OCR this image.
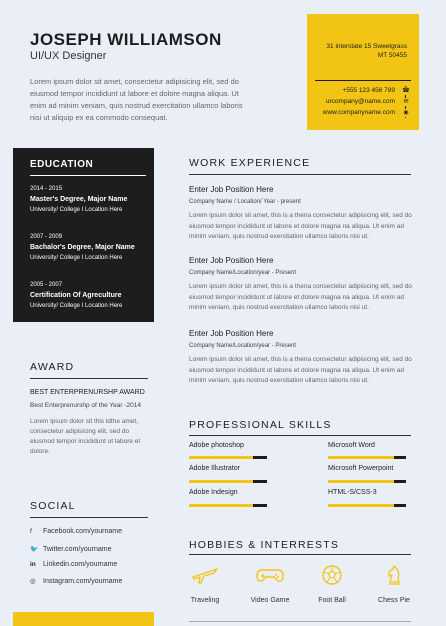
JOSEPH WILLIAMSON
UI/UX Designer
Lorem ipsum dolor sit amet, consectetur adipisicing elit, sed do eiusmod tempor incididunt ut labore et dolore magna aliqua. Ut enim ad minim veniam, quis nostrud exercitation ullamco laboris nisi ut aliquip ex ea commodo consequat.
31 interstate 15 Sweetgrass
MT 50455
+555 123 456 789 ☎
urcompany@name.com ✉
www.companyname.com ◉
EDUCATION
2014 - 2015
Master's Degree, Major Name
University/ College I Location Here
2007 - 2009
Bachalor's Degree, Major Name
University/ College I Location Here
2005 - 2007
Certification Of Agreculture
University/ College I Location Here
WORK EXPERIENCE
Enter Job Position Here
Company Name / Location/ Year - present
Lorem ipsum dolor sit amet, this is a thena consectetur adipisicing elit, sed do eiusmod tempor incididunt ut labore et dolore magna na aliqua. Ut enim ad minim veniam, quis nostrud exercitation ullamco laboris nisi ut.
Enter Job Position Here
Company Name/Location/year - Present
Lorem ipsum dolor sit amet, this is a thena consectetur adipisicing elit, sed do eiusmod tempor incididunt ut labore et dolore magna na aliqua. Ut enim ad minim veniam, quis nostrud exercitation ullamco laboris nisi ut.
Enter Job Position Here
Company Name/Location/year - Present
Lorem ipsum dolor sit amet, this is a thena consectetur adipisicing elit, sed do eiusmod tempor incididunt ut labore et dolore magna na aliqua. Ut enim ad minim veniam, quis nostrud exercitation ullamco laboris nisi ut.
AWARD
BEST ENTERPRENURSHP AWARD
Best Enterprenurshp of the Year -2014
Lorem ipsum dolor sit this ldthe amet, consectetur adipisicing elit, sed do eiusmod tempor incididunt ut labore et dolore.
PROFESSIONAL SKILLS
Adobe photoshop	Microsoft Word
Adobe Illustrator	Microsoft Powerpoint
Adobe Indesign	HTML-S/CSS-3
SOCIAL
f Facebook.com/yourname
🐦 Twitter.com/yourname
in Linkedin.com/yourname
◎ Instagram.com/yourname
HOBBIES & INTERRESTS
Traveling	Video Game	Foot Ball	Chess Pie
